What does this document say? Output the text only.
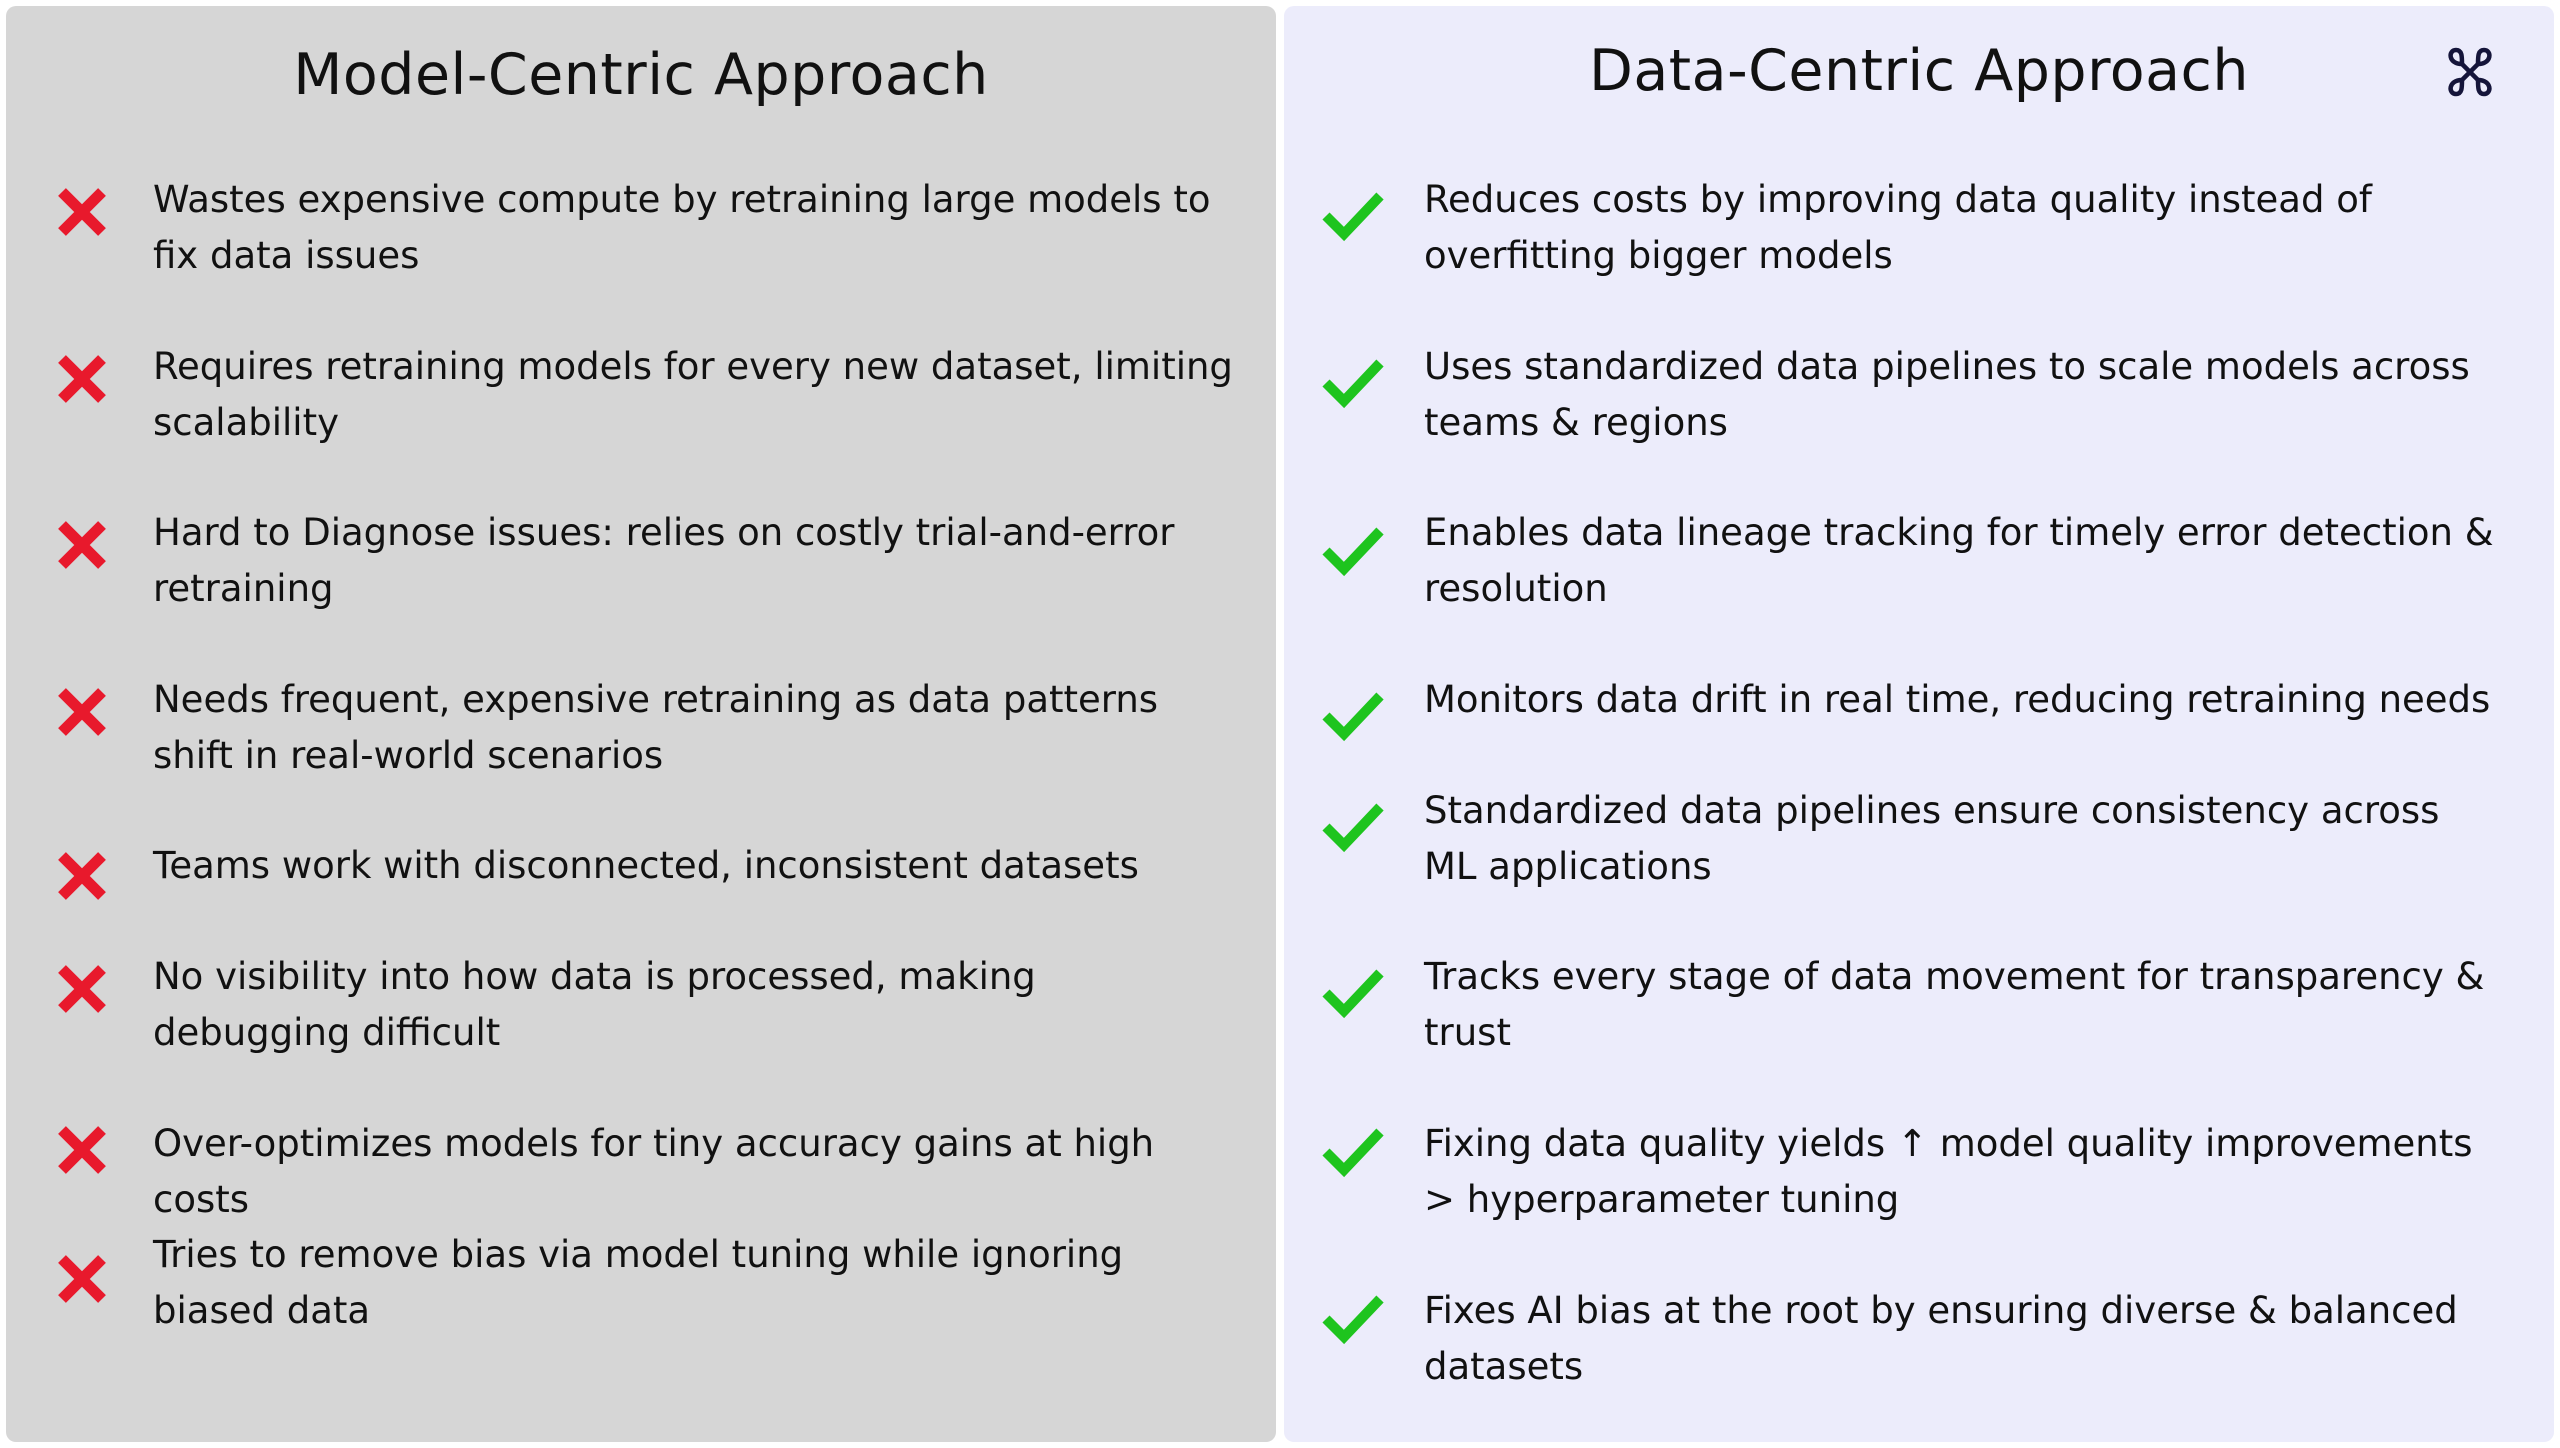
Model-Centric Approach
Wastes expensive compute by retraining large models to fix data issues
Requires retraining models for every new dataset, limiting scalability
Hard to Diagnose issues: relies on costly trial-and-error retraining
Needs frequent, expensive retraining as data patterns shift in real-world scenarios
Teams work with disconnected, inconsistent datasets
No visibility into how data is processed, making debugging difficult
Over-optimizes models for tiny accuracy gains at high costs
Tries to remove bias via model tuning while ignoring biased data
Data-Centric Approach
Reduces costs by improving data quality instead of overfitting bigger models
Uses standardized data pipelines to scale models across teams & regions
Enables data lineage tracking for timely error detection & resolution
Monitors data drift in real time, reducing retraining needs
Standardized data pipelines ensure consistency across ML applications
Tracks every stage of data movement for transparency & trust
Fixing data quality yields ↑ model quality improvements > hyperparameter tuning
Fixes AI bias at the root by ensuring diverse & balanced datasets
